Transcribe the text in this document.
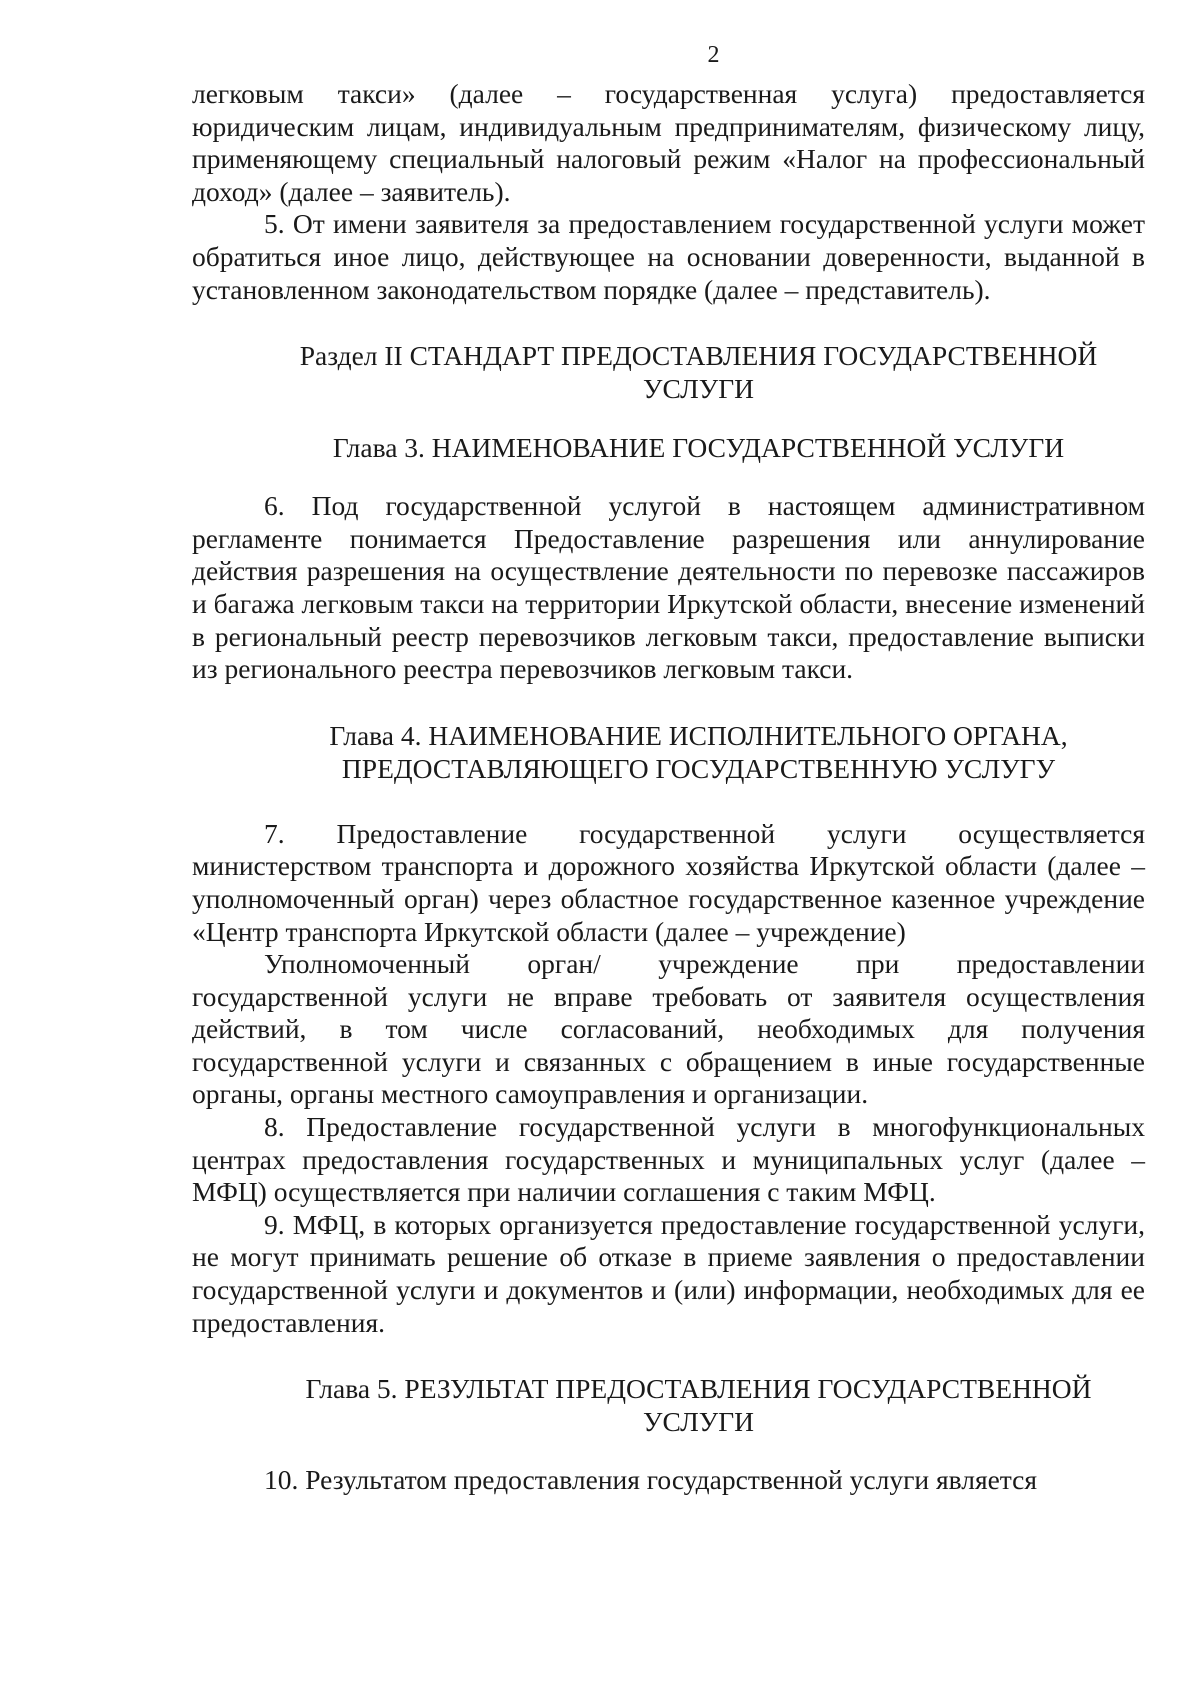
2

легковым такси» (далее – государственная услуга) предоставляется юридическим лицам, индивидуальным предпринимателям, физическому лицу, применяющему специальный налоговый режим «Налог на профессиональный доход» (далее – заявитель).

5. От имени заявителя за предоставлением государственной услуги может обратиться иное лицо, действующее на основании доверенности, выданной в установленном законодательством порядке (далее – представитель).

Раздел II СТАНДАРТ ПРЕДОСТАВЛЕНИЯ ГОСУДАРСТВЕННОЙ УСЛУГИ
Глава 3. НАИМЕНОВАНИЕ ГОСУДАРСТВЕННОЙ УСЛУГИ

6. Под государственной услугой в настоящем административном регламенте понимается Предоставление разрешения или аннулирование действия разрешения на осуществление деятельности по перевозке пассажиров и багажа легковым такси на территории Иркутской области, внесение изменений в региональный реестр перевозчиков легковым такси, предоставление выписки из регионального реестра перевозчиков легковым такси.

Глава 4. НАИМЕНОВАНИЕ ИСПОЛНИТЕЛЬНОГО ОРГАНА, ПРЕДОСТАВЛЯЮЩЕГО ГОСУДАРСТВЕННУЮ УСЛУГУ

7. Предоставление государственной услуги осуществляется министерством транспорта и дорожного хозяйства Иркутской области (далее – уполномоченный орган) через областное государственное казенное учреждение «Центр транспорта Иркутской области (далее – учреждение)

Уполномоченный орган/ учреждение при предоставлении государственной услуги не вправе требовать от заявителя осуществления действий, в том числе согласований, необходимых для получения государственной услуги и связанных с обращением в иные государственные органы, органы местного самоуправления и организации.

8. Предоставление государственной услуги в многофункциональных центрах предоставления государственных и муниципальных услуг (далее – МФЦ) осуществляется при наличии соглашения с таким МФЦ.

9. МФЦ, в которых организуется предоставление государственной услуги, не могут принимать решение об отказе в приеме заявления о предоставлении государственной услуги и документов и (или) информации, необходимых для ее предоставления.

Глава 5. РЕЗУЛЬТАТ ПРЕДОСТАВЛЕНИЯ ГОСУДАРСТВЕННОЙ УСЛУГИ

10. Результатом предоставления государственной услуги является
